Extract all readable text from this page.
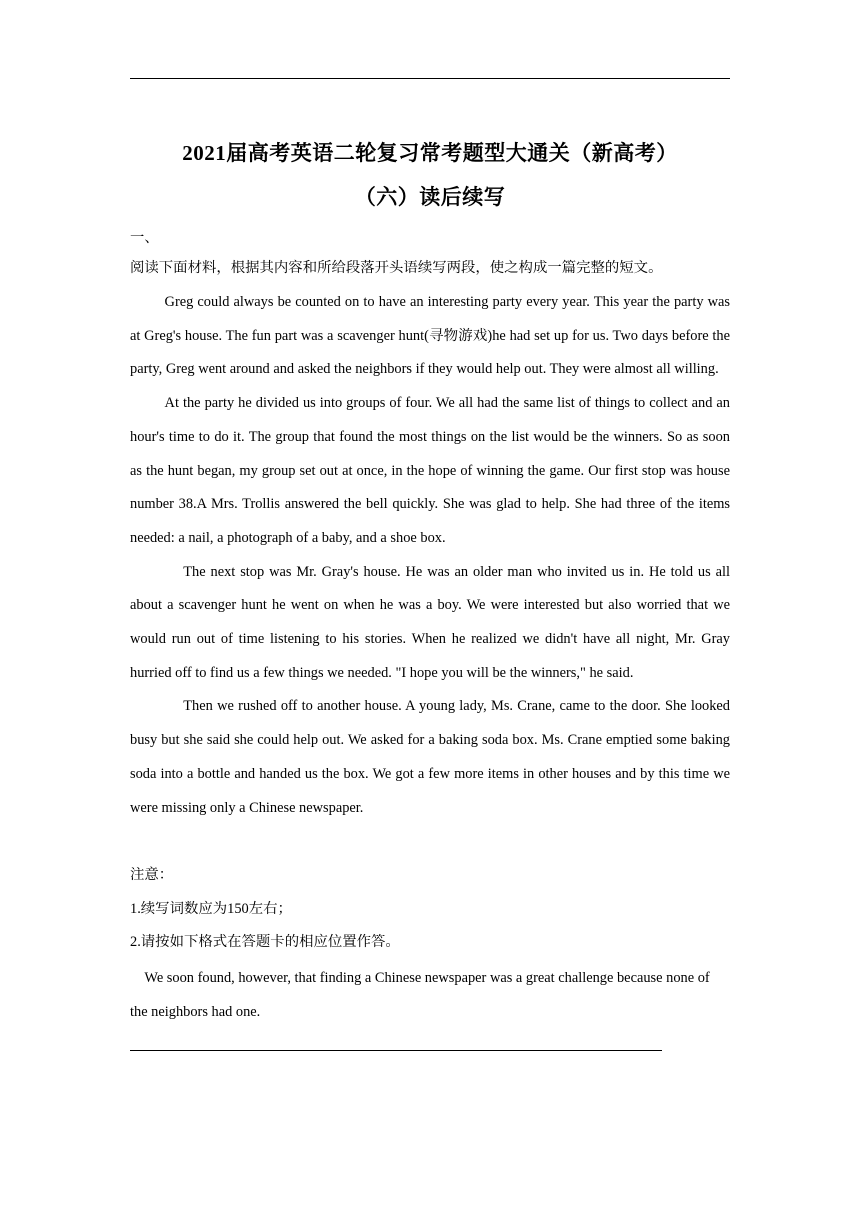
2021届高考英语二轮复习常考题型大通关（新高考）
（六）读后续写
一、
阅读下面材料，根据其内容和所给段落开头语续写两段，使之构成一篇完整的短文。

Greg could always be counted on to have an interesting party every year. This year the party was at Greg's house. The fun part was a scavenger hunt(寻物游戏)he had set up for us. Two days before the party, Greg went around and asked the neighbors if they would help out. They were almost all willing.

At the party he divided us into groups of four. We all had the same list of things to collect and an hour's time to do it. The group that found the most things on the list would be the winners. So as soon as the hunt began, my group set out at once, in the hope of winning the game. Our first stop was house number 38.A Mrs. Trollis answered the bell quickly. She was glad to help. She had three of the items needed: a nail, a photograph of a baby, and a shoe box.

The next stop was Mr. Gray's house. He was an older man who invited us in. He told us all about a scavenger hunt he went on when he was a boy. We were interested but also worried that we would run out of time listening to his stories. When he realized we didn't have all night, Mr. Gray hurried off to find us a few things we needed. "I hope you will be the winners," he said.

Then we rushed off to another house. A young lady, Ms. Crane, came to the door. She looked busy but she said she could help out. We asked for a baking soda box. Ms. Crane emptied some baking soda into a bottle and handed us the box. We got a few more items in other houses and by this time we were missing only a Chinese newspaper.

注意：
1.续写词数应为150左右；
2.请按如下格式在答题卡的相应位置作答。

We soon found, however, that finding a Chinese newspaper was a great challenge because none of the neighbors had one.
